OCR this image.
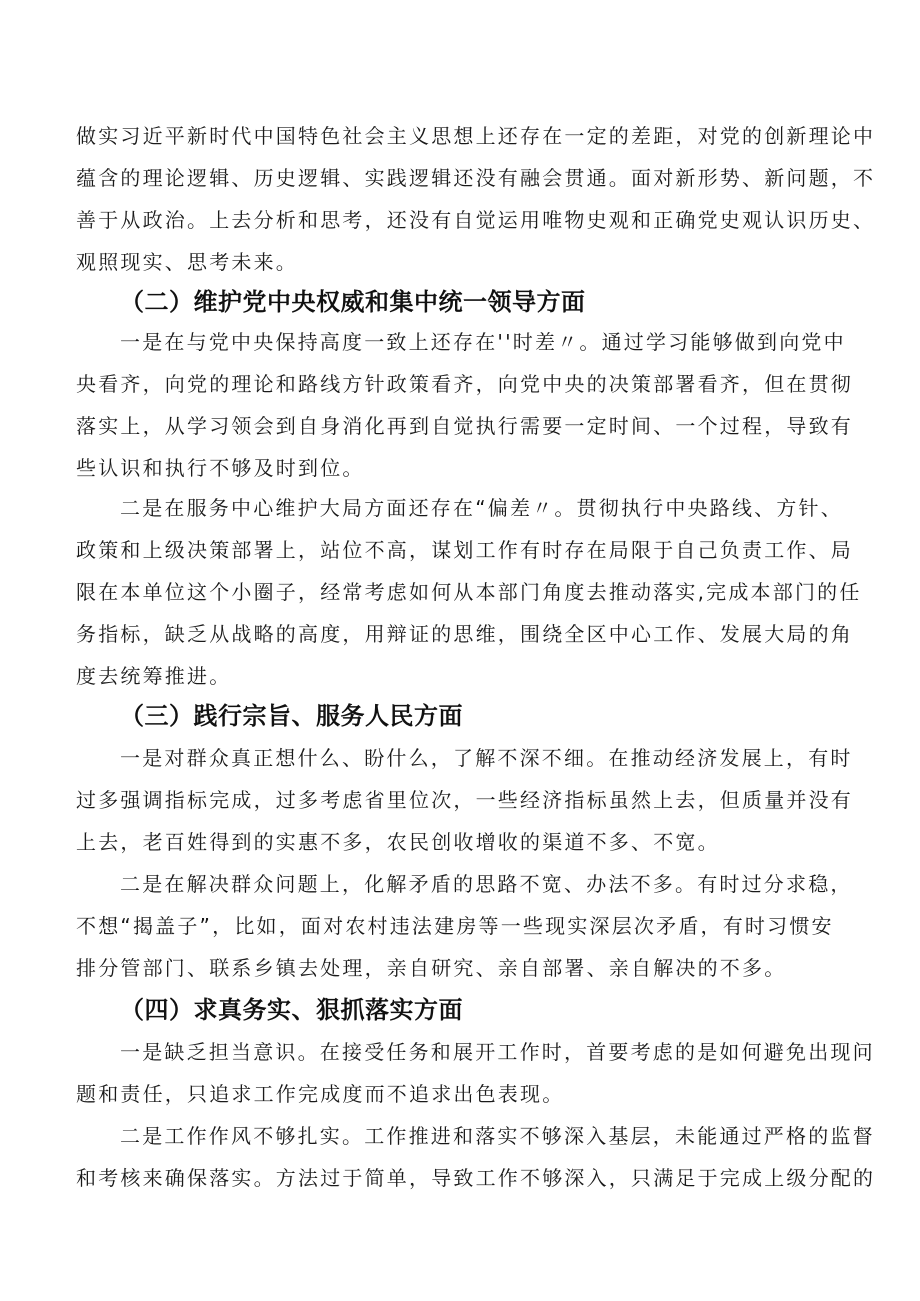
做实习近平新时代中国特色社会主义思想上还存在一定的差距，对党的创新理论中
蕴含的理论逻辑、历史逻辑、实践逻辑还没有融会贯通。面对新形势、新问题，不
善于从政治。上去分析和思考，还没有自觉运用唯物史观和正确党史观认识历史、
观照现实、思考未来。
（二）维护党中央权威和集中统一领导方面
一是在与党中央保持高度一致上还存在''时差〃。通过学习能够做到向党中
央看齐，向党的理论和路线方针政策看齐，向党中央的决策部署看齐，但在贯彻
落实上，从学习领会到自身消化再到自觉执行需要一定时间、一个过程，导致有
些认识和执行不够及时到位。
二是在服务中心维护大局方面还存在“偏差〃。贯彻执行中央路线、方针、
政策和上级决策部署上，站位不高，谋划工作有时存在局限于自己负责工作、局
限在本单位这个小圈子，经常考虑如何从本部门角度去推动落实,完成本部门的任
务指标，缺乏从战略的高度，用辩证的思维，围绕全区中心工作、发展大局的角
度去统筹推进。
（三）践行宗旨、服务人民方面
一是对群众真正想什么、盼什么，了解不深不细。在推动经济发展上，有时
过多强调指标完成，过多考虑省里位次，一些经济指标虽然上去，但质量并没有
上去，老百姓得到的实惠不多，农民创收增收的渠道不多、不宽。
二是在解决群众问题上，化解矛盾的思路不宽、办法不多。有时过分求稳，
不想“揭盖子”，比如，面对农村违法建房等一些现实深层次矛盾，有时习惯安
排分管部门、联系乡镇去处理，亲自研究、亲自部署、亲自解决的不多。
（四）求真务实、狠抓落实方面
一是缺乏担当意识。在接受任务和展开工作时，首要考虑的是如何避免出现问
题和责任，只追求工作完成度而不追求出色表现。
二是工作作风不够扎实。工作推进和落实不够深入基层，未能通过严格的监督
和考核来确保落实。方法过于简单，导致工作不够深入，只满足于完成上级分配的
